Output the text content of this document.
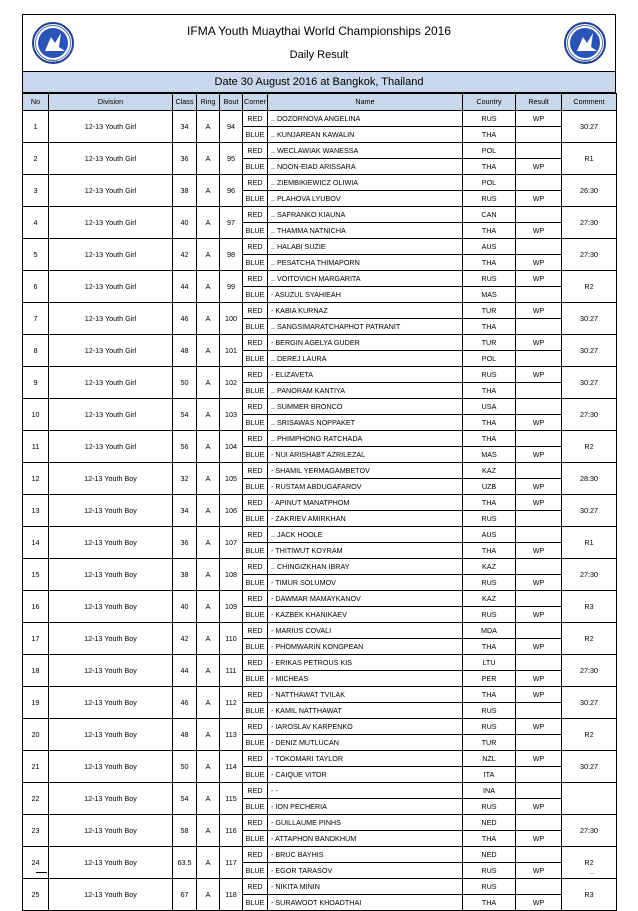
I.F.M.A.
IFMA Youth Muaythai World Championships 2016
Daily Result	I.F.M.A.
Date 30 August 2016 at Bangkok, Thailand
No	Division	Class	Ring	Bout	Corner	Name	Country	Result	Comment
1	12-13 Youth Girl	34	A	94	RED	.. DOZORNOVA ANGELINA	RUS	WP	30:27
					BLUE	.. KUNJAREAN KAWALIN	THA		
2	12-13 Youth Girl	36	A	95	RED	.. WECLAWIAK WANESSA	POL		R1
					BLUE	.. NOON-EIAD ARISSARA	THA	WP	
3	12-13 Youth Girl	38	A	96	RED	.. ZIEMBIKIEWICZ OLIWIA	POL		26:30
					BLUE	.. PLAHOVA LYUBOV	RUS	WP	
4	12-13 Youth Girl	40	A	97	RED	.. SAFRANKO KIAUNA	CAN		27:30
					BLUE	.. THAMMA NATNICHA	THA	WP	
5	12-13 Youth Girl	42	A	98	RED	.. HALABI SUZIE	AUS		27:30
					BLUE	.. PESATCHA THIMAPORN	THA	WP	
6	12-13 Youth Girl	44	A	99	RED	.. VOITOVICH MARGARITA	RUS	WP	R2
					BLUE	- ASUZUL SYAHIEAH	MAS		
7	12-13 Youth Girl	46	A	100	RED	- KABIA KURNAZ	TUR	WP	30:27
					BLUE	.. SANGSIMARATCHAPHOT PATRANIT	THA		
8	12-13 Youth Girl	48	A	101	RED	- BERGIN AGELYA GUDER	TUR	WP	30:27
					BLUE	.. DEREJ LAURA	POL		
9	12-13 Youth Girl	50	A	102	RED	- ELIZAVETA	RUS	WP	30:27
					BLUE	.. PANORAM KANTIYA	THA		
10	12-13 Youth Girl	54	A	103	RED	.. SUMMER BRONCO	USA		27:30
					BLUE	.. SRISAWAS NOPPAKET	THA	WP	
11	12-13 Youth Girl	56	A	104	RED	.. PHIMPHONG RATCHADA	THA		R2
					BLUE	- NUI ARISHABT AZRILEZAL	MAS	WP	
12	12-13 Youth Boy	32	A	105	RED	- SHAMIL YERMAGAMBETOV	KAZ		28:30
					BLUE	- RUSTAM ABDUGAFAROV	UZB	WP	
13	12-13 Youth Boy	34	A	106	RED	- APINUT MANATPHOM	THA	WP	30:27
					BLUE	- ZAKRIEV AMIRKHAN	RUS		
14	12-13 Youth Boy	36	A	107	RED	.. JACK HOOLE	AUS		R1
					BLUE	- THITIWUT KOYRAM	THA	WP	
15	12-13 Youth Boy	38	A	108	RED	.. CHINGIZKHAN IBRAY	KAZ		27:30
					BLUE	- TIMUR SOLUMOV	RUS	WP	
16	12-13 Youth Boy	40	A	109	RED	- DAWMAR MAMAYKANOV	KAZ		R3
					BLUE	- KAZBEK KHANIKAEV	RUS	WP	
17	12-13 Youth Boy	42	A	110	RED	- MARIUS COVALI	MDA		R2
					BLUE	- PHOMWARIN KONGPEAN	THA	WP	
18	12-13 Youth Boy	44	A	111	RED	- ERIKAS PETROUS KIS	LTU		27:30
					BLUE	- MICHEAS	PER	WP	
19	12-13 Youth Boy	46	A	112	RED	- NATTHAWAT TVILAK	THA	WP	30:27
					BLUE	- KAMIL NATTHAWAT	RUS		
20	12-13 Youth Boy	48	A	113	RED	- IAROSLAV KARPENKO	RUS	WP	R2
					BLUE	- DENIZ MUTLUCAN	TUR		
21	12-13 Youth Boy	50	A	114	RED	- TOKOMARI TAYLOR	NZL	WP	30:27
					BLUE	- CAIQUE VITOR	ITA		
22	12-13 Youth Boy	54	A	115	RED	- -	INA		
					BLUE	- ION PECHERIA	RUS	WP	
23	12-13 Youth Boy	58	A	116	RED	- GUILLAUME PINHS	NED		27:30
					BLUE	- ATTAPHON BANDKHUM	THA	WP	
24	12-13 Youth Boy	63.5	A	117	RED	- BRUC BAYHIS	NED		R2
					BLUE	- EGOR TARASOV	RUS	WP	
25	12-13 Youth Boy	67	A	118	RED	- NIKITA MININ	RUS		R3
					BLUE	- SURAWOOT KHOADTHAI	THA	WP	
